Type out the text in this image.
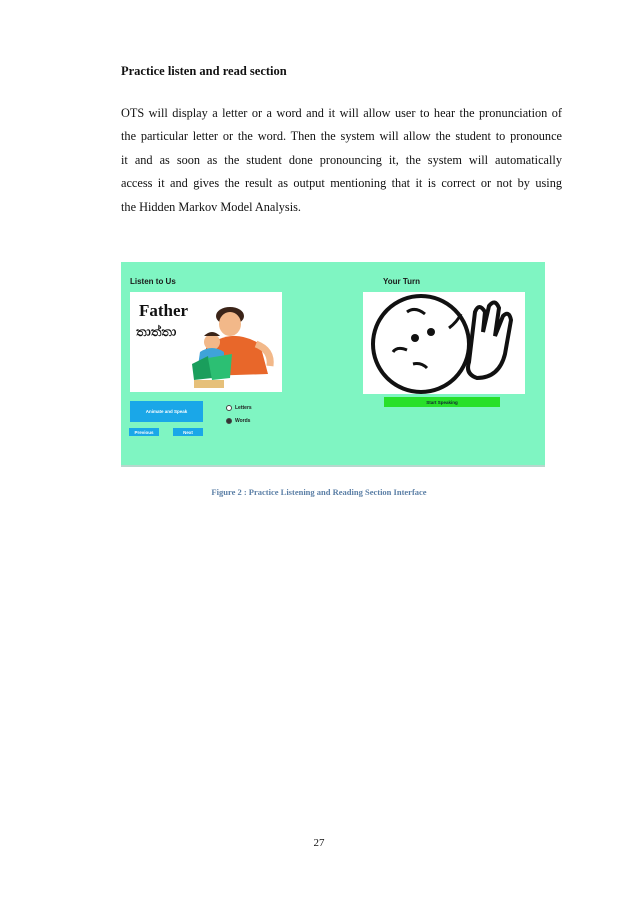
Practice listen and read section
OTS will display a letter or a word and it will allow user to hear the pronunciation of
the particular letter or the word. Then the system will allow the student to pronounce
it and as soon as the student done pronouncing it, the system will automatically
access it and gives the result as output mentioning that it is correct or not by using
the Hidden Markov Model Analysis.
Listen to Us	Your Turn
Father
තාත්තා
Animate and Speak
Previous	Next
Letters
Words
Start Speaking
Figure 2 : Practice Listening and Reading Section Interface
27
